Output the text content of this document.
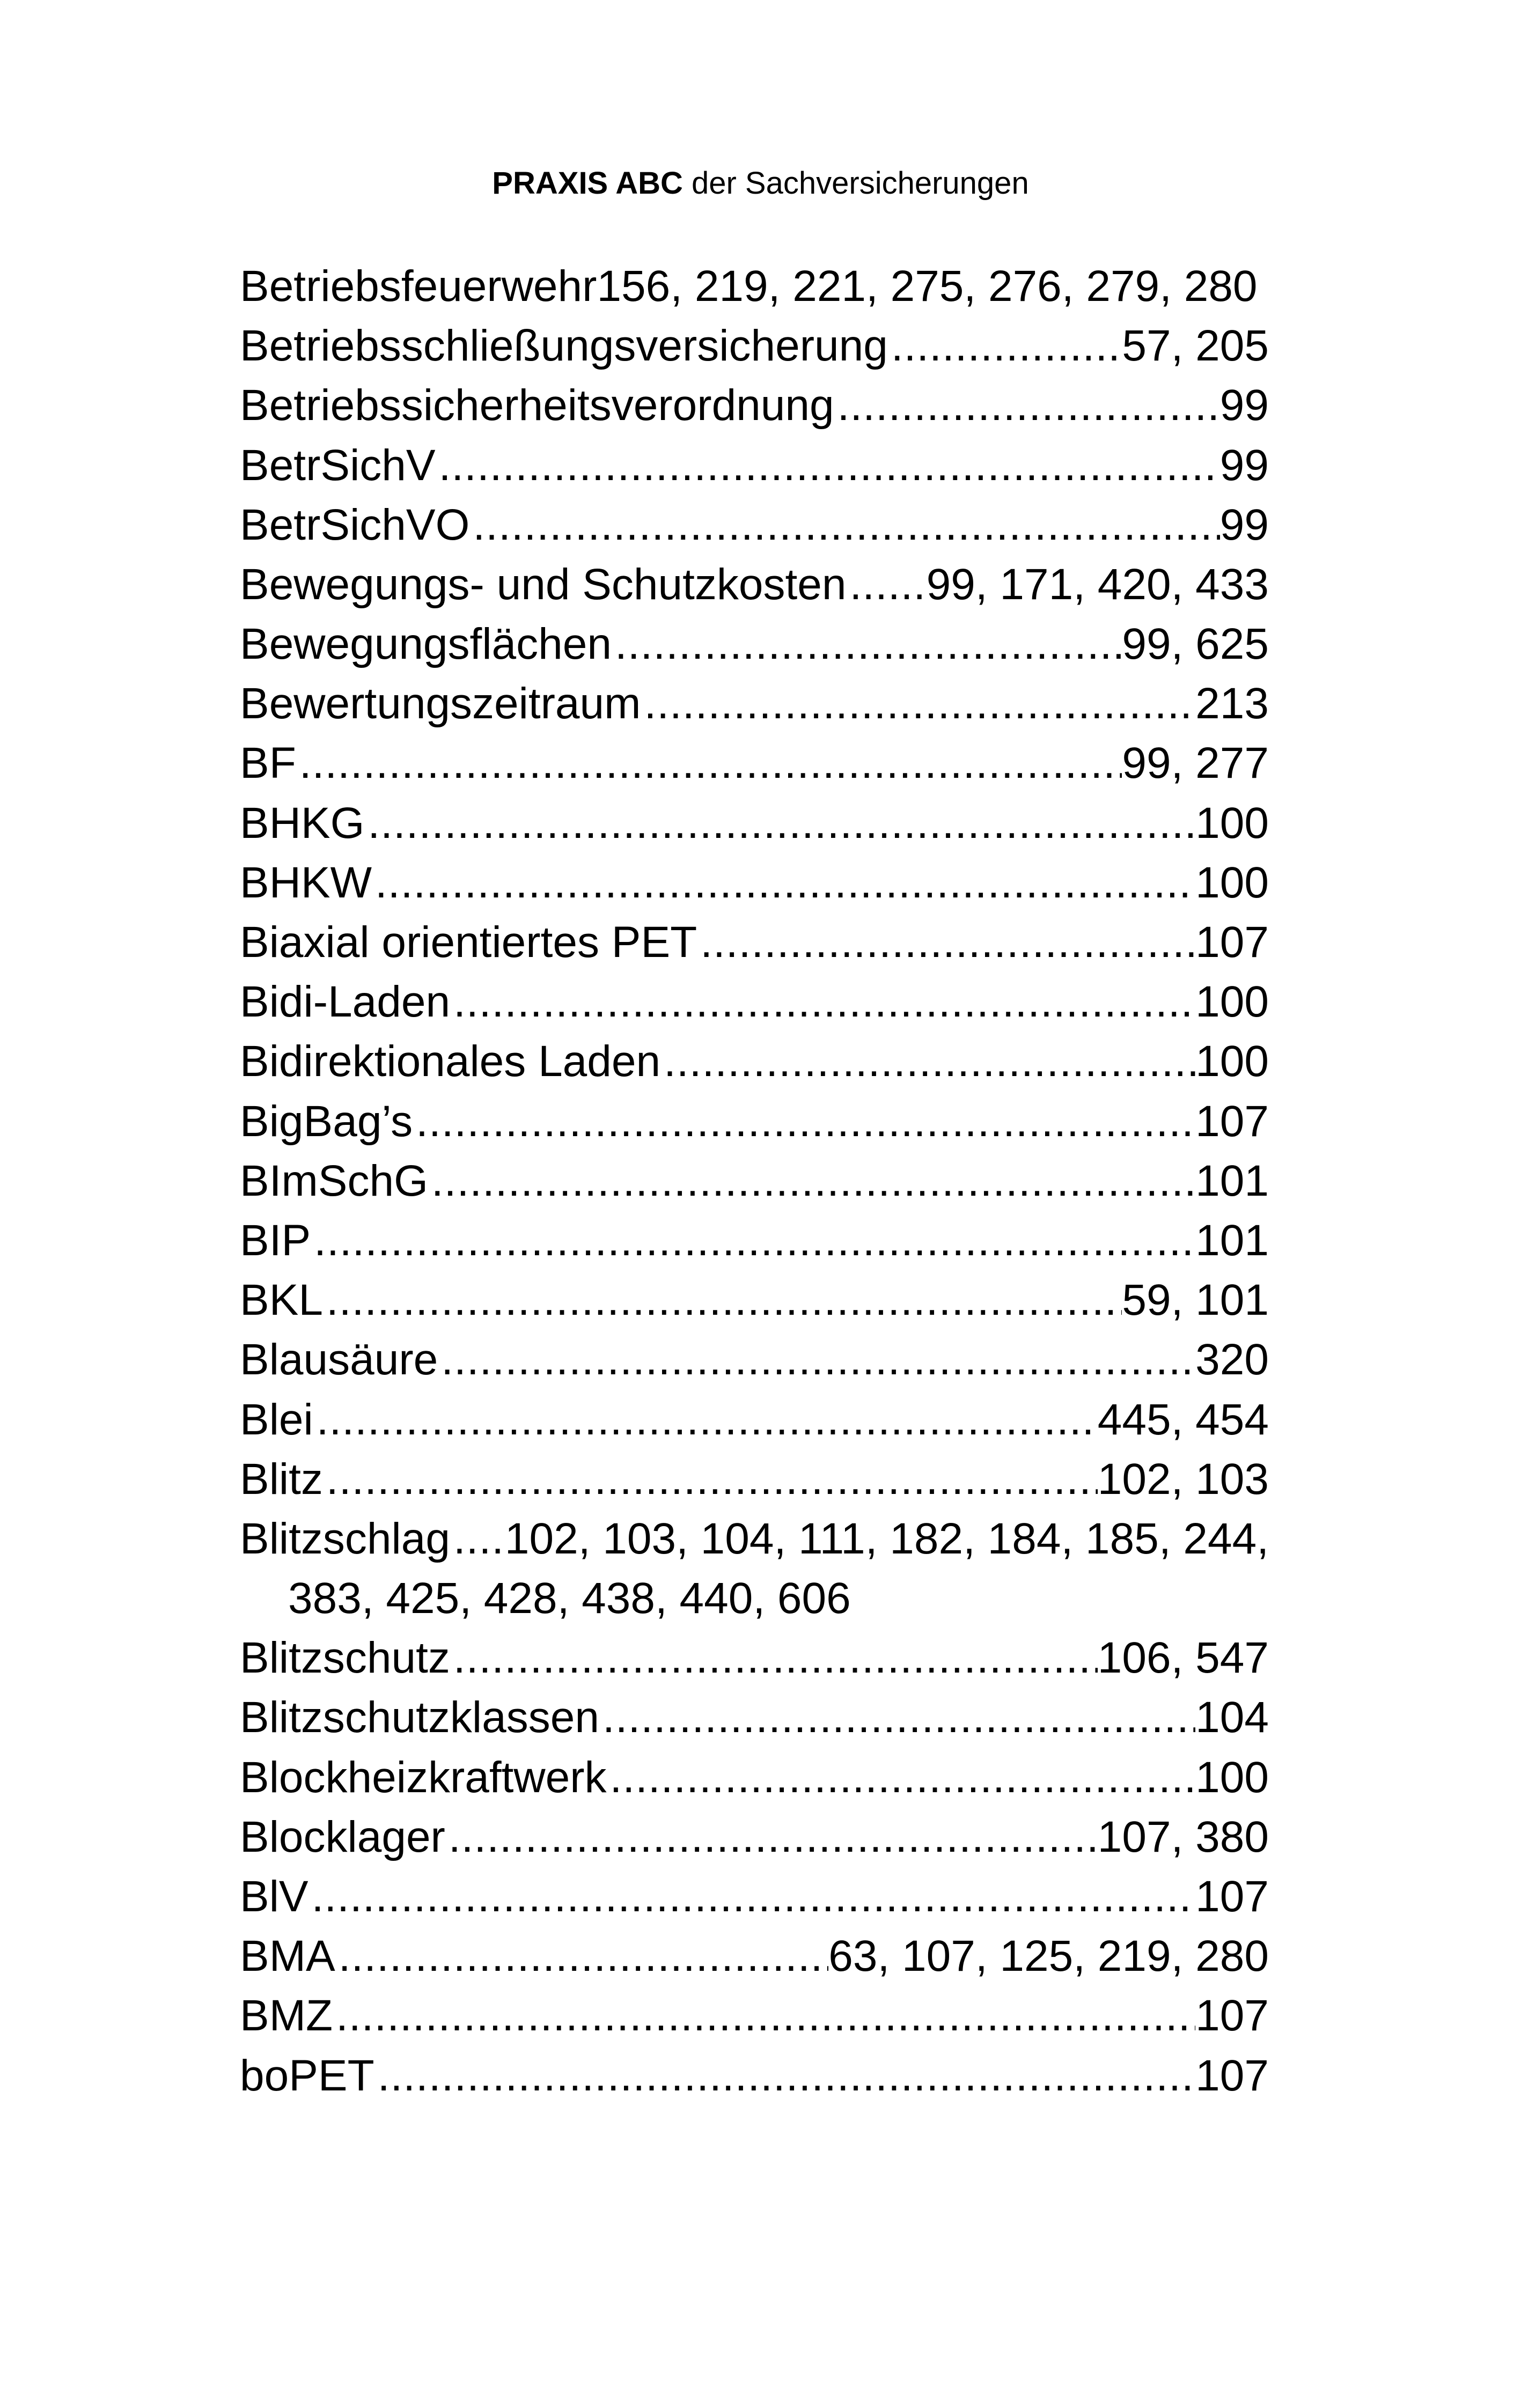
PRAXIS ABC der Sachversicherungen
Betriebsfeuerwehr 156, 219, 221, 275, 276, 279, 280
Betriebsschließungsversicherung .....	57, 205
Betriebssicherheitsverordnung .....	99
BetrSichV .....	99
BetrSichVO .....	99
Bewegungs- und Schutzkosten ..... 99, 171, 420, 433
Bewegungsflächen .....	99, 625
Bewertungszeitraum .....	213
BF .....	99, 277
BHKG .....	100
BHKW .....	100
Biaxial orientiertes PET .....	107
Bidi-Laden .....	100
Bidirektionales Laden .....	100
BigBag’s .....	107
BImSchG .....	101
BIP .....	101
BKL .....	59, 101
Blausäure .....	320
Blei .....	445, 454
Blitz .....	102, 103
Blitzschlag ..... 102, 103, 104, 111, 182, 184, 185, 244,
383, 425, 428, 438, 440, 606
Blitzschutz .....	106, 547
Blitzschutzklassen .....	104
Blockheizkraftwerk .....	100
Blocklager .....	107, 380
BlV .....	107
BMA .....	63, 107, 125, 219, 280
BMZ .....	107
boPET .....	107
